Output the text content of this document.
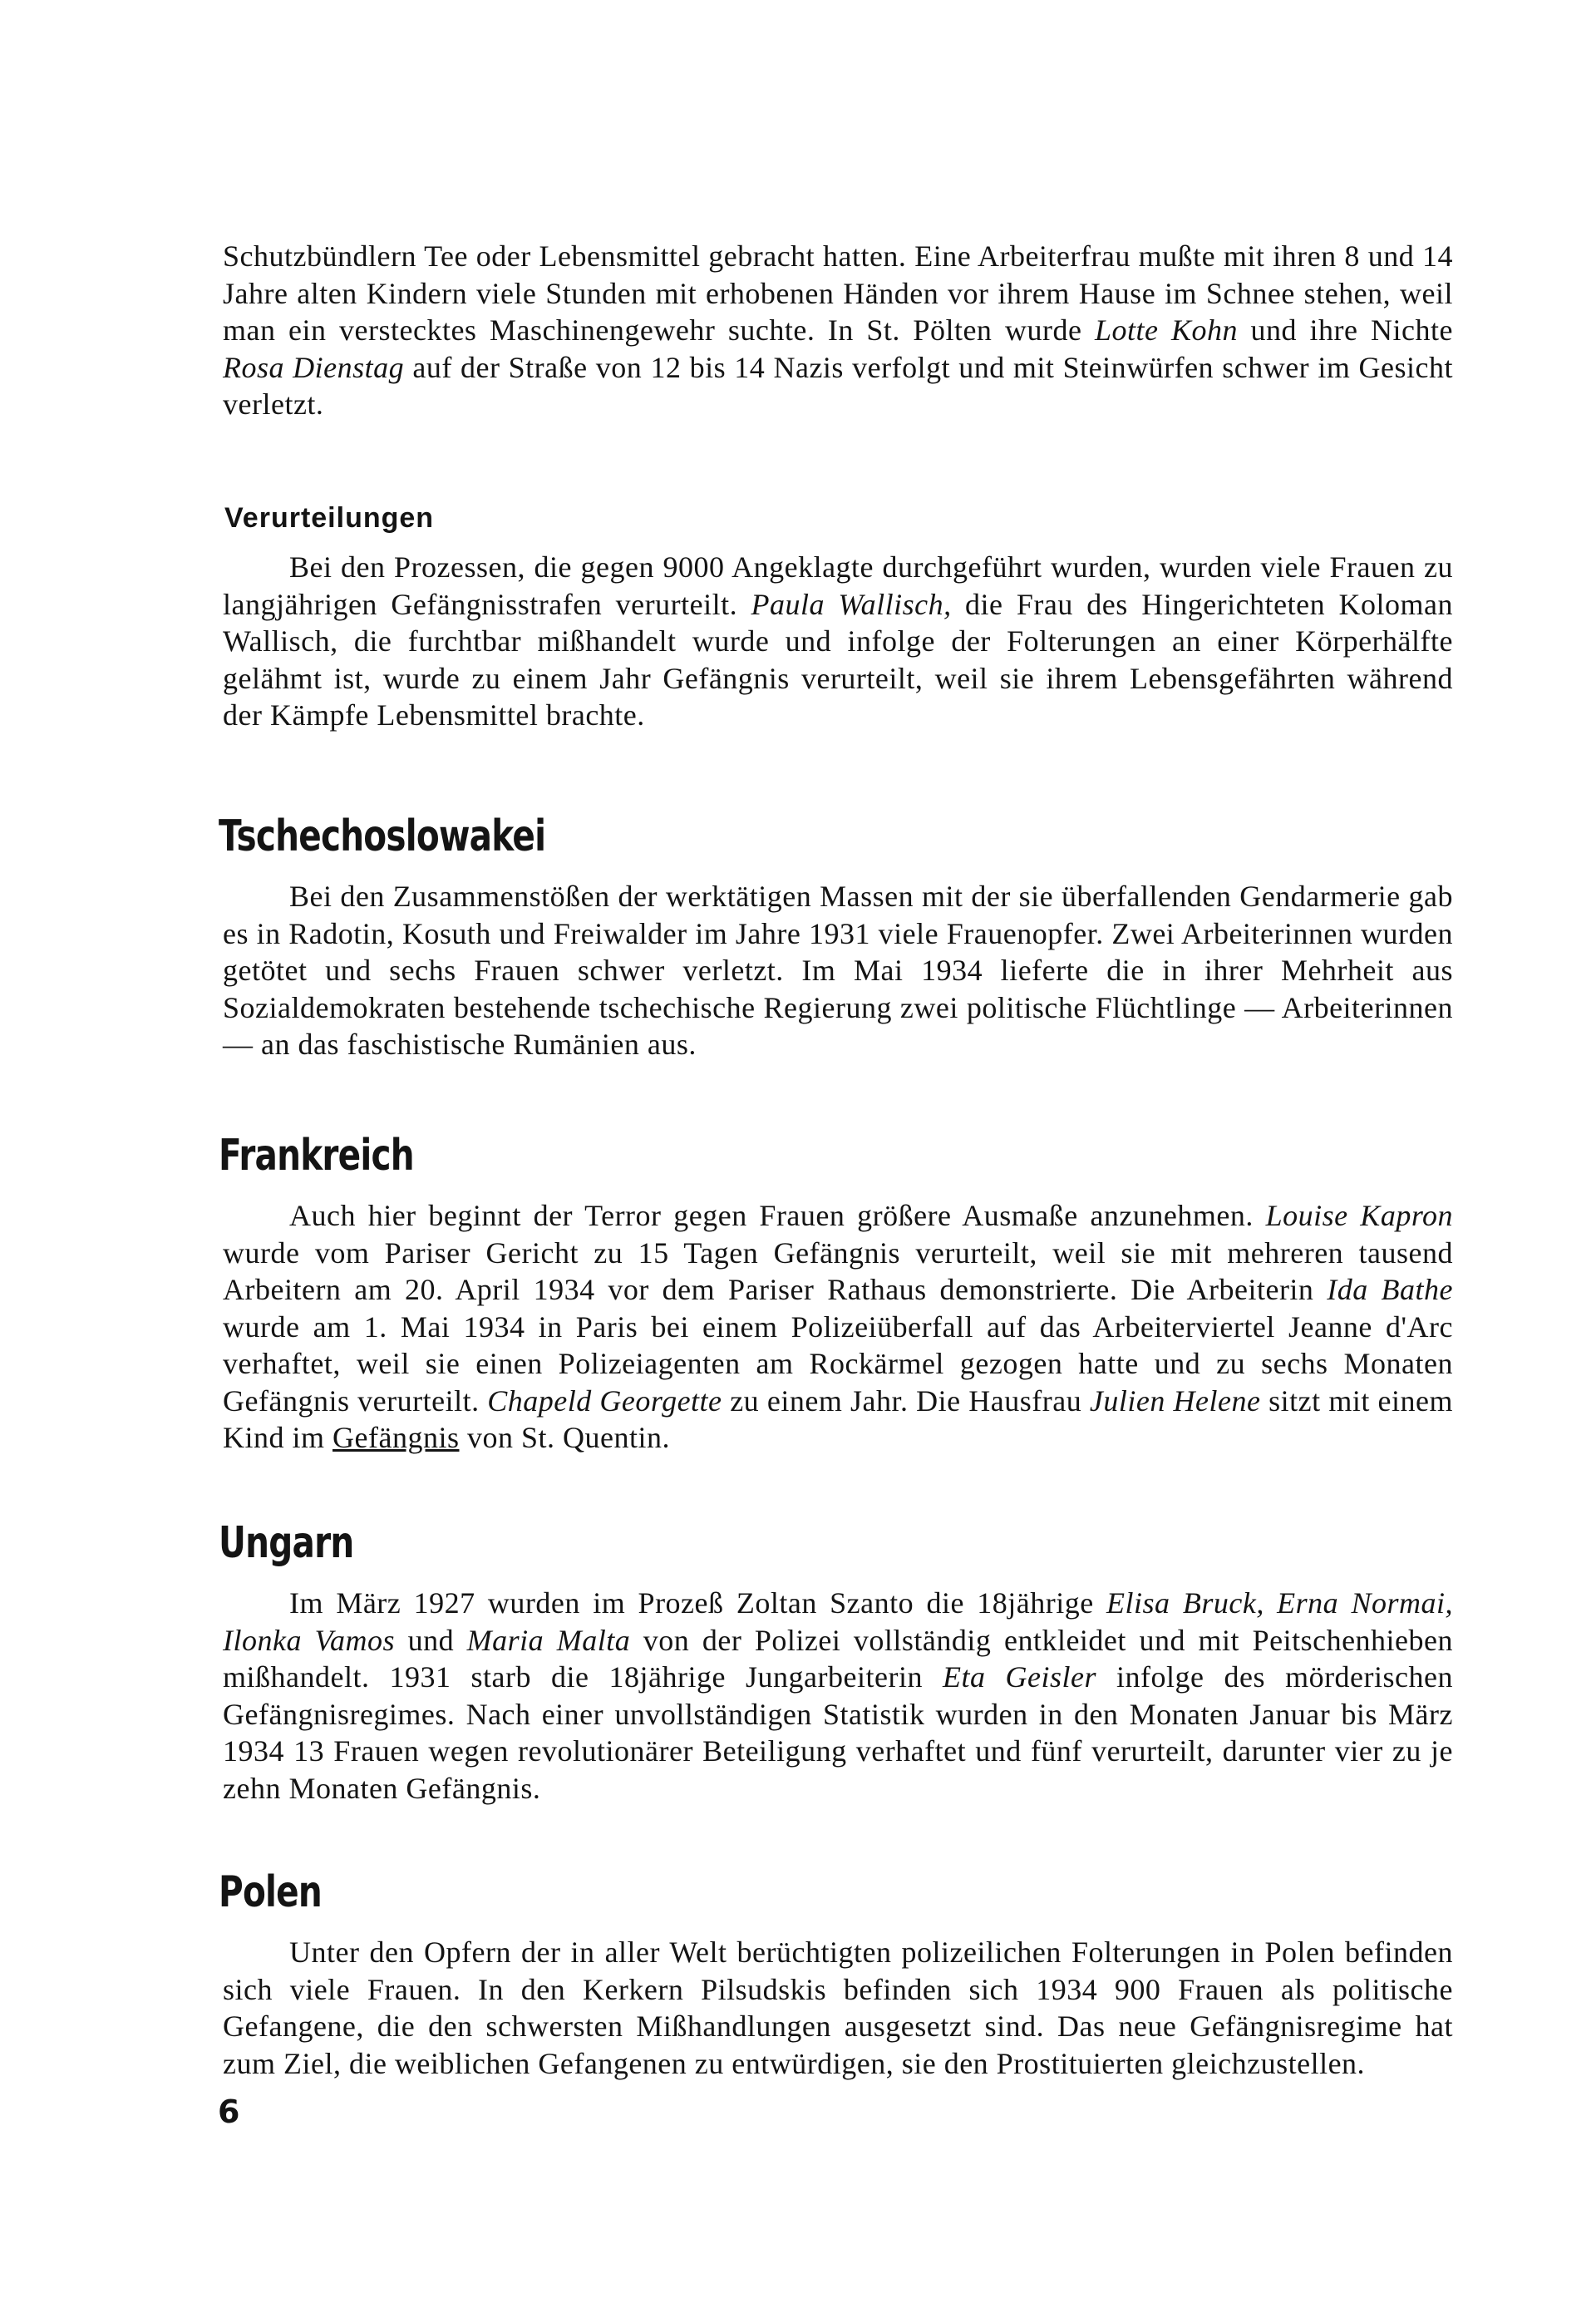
Schutzbündlern Tee oder Lebensmittel gebracht hatten. Eine Arbeiterfrau mußte mit ihren 8 und 14 Jahre alten Kindern viele Stunden mit erhobenen Händen vor ihrem Hause im Schnee stehen, weil man ein verstecktes Maschinengewehr suchte. In St. Pölten wurde Lotte Kohn und ihre Nichte Rosa Dienstag auf der Straße von 12 bis 14 Nazis verfolgt und mit Steinwürfen schwer im Gesicht verletzt.

Verurteilungen

Bei den Prozessen, die gegen 9000 Angeklagte durchgeführt wurden, wurden viele Frauen zu langjährigen Gefängnisstrafen verurteilt. Paula Wallisch, die Frau des Hingerichteten Koloman Wallisch, die furchtbar mißhandelt wurde und infolge der Folterungen an einer Körperhälfte gelähmt ist, wurde zu einem Jahr Gefängnis verurteilt, weil sie ihrem Lebensgefährten während der Kämpfe Lebensmittel brachte.

Tschechoslowakei

Bei den Zusammenstößen der werktätigen Massen mit der sie überfallenden Gendarmerie gab es in Radotin, Kosuth und Freiwalder im Jahre 1931 viele Frauenopfer. Zwei Arbeiterinnen wurden getötet und sechs Frauen schwer verletzt. Im Mai 1934 lieferte die in ihrer Mehrheit aus Sozialdemokraten bestehende tschechische Regierung zwei politische Flüchtlinge — Arbeiterinnen — an das faschistische Rumänien aus.

Frankreich

Auch hier beginnt der Terror gegen Frauen größere Ausmaße anzunehmen. Louise Kapron wurde vom Pariser Gericht zu 15 Tagen Gefängnis verurteilt, weil sie mit mehreren tausend Arbeitern am 20. April 1934 vor dem Pariser Rathaus demonstrierte. Die Arbeiterin Ida Bathe wurde am 1. Mai 1934 in Paris bei einem Polizeiüberfall auf das Arbeiterviertel Jeanne d'Arc verhaftet, weil sie einen Polizeiagenten am Rockärmel gezogen hatte und zu sechs Monaten Gefängnis verurteilt. Chapeld Georgette zu einem Jahr. Die Hausfrau Julien Helene sitzt mit einem Kind im Gefängnis von St. Quentin.

Ungarn

Im März 1927 wurden im Prozeß Zoltan Szanto die 18jährige Elisa Bruck, Erna Normai, Ilonka Vamos und Maria Malta von der Polizei vollständig entkleidet und mit Peitschenhieben mißhandelt. 1931 starb die 18jährige Jungarbeiterin Eta Geisler infolge des mörderischen Gefängnisregimes. Nach einer unvollständigen Statistik wurden in den Monaten Januar bis März 1934 13 Frauen wegen revolutionärer Beteiligung verhaftet und fünf verurteilt, darunter vier zu je zehn Monaten Gefängnis.

Polen

Unter den Opfern der in aller Welt berüchtigten polizeilichen Folterungen in Polen befinden sich viele Frauen. In den Kerkern Pilsudskis befinden sich 1934 900 Frauen als politische Gefangene, die den schwersten Mißhandlungen ausgesetzt sind. Das neue Gefängnisregime hat zum Ziel, die weiblichen Gefangenen zu entwürdigen, sie den Prostituierten gleichzustellen.

6
